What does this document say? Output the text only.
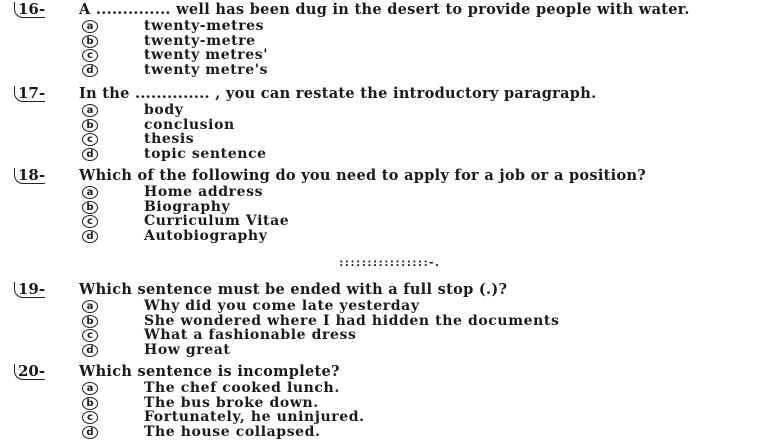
16- A .............. well has been dug in the desert to provide people with water.
a	twenty-metres
b	twenty-metre
c	twenty metres'
d	twenty metre's
17- In the .............. , you can restate the introductory paragraph.
a	body
b	conclusion
c	thesis
d	topic sentence
18- Which of the following do you need to apply for a job or a position?
a	Home address
b	Biography
c	Curriculum Vitae
d	Autobiography
::::::::::::::::-.
19- Which sentence must be ended with a full stop (.)?
a	Why did you come late yesterday
b	She wondered where I had hidden the documents
c	What a fashionable dress
d	How great
20- Which sentence is incomplete?
a	The chef cooked lunch.
b	The bus broke down.
c	Fortunately, he uninjured.
d	The house collapsed.
